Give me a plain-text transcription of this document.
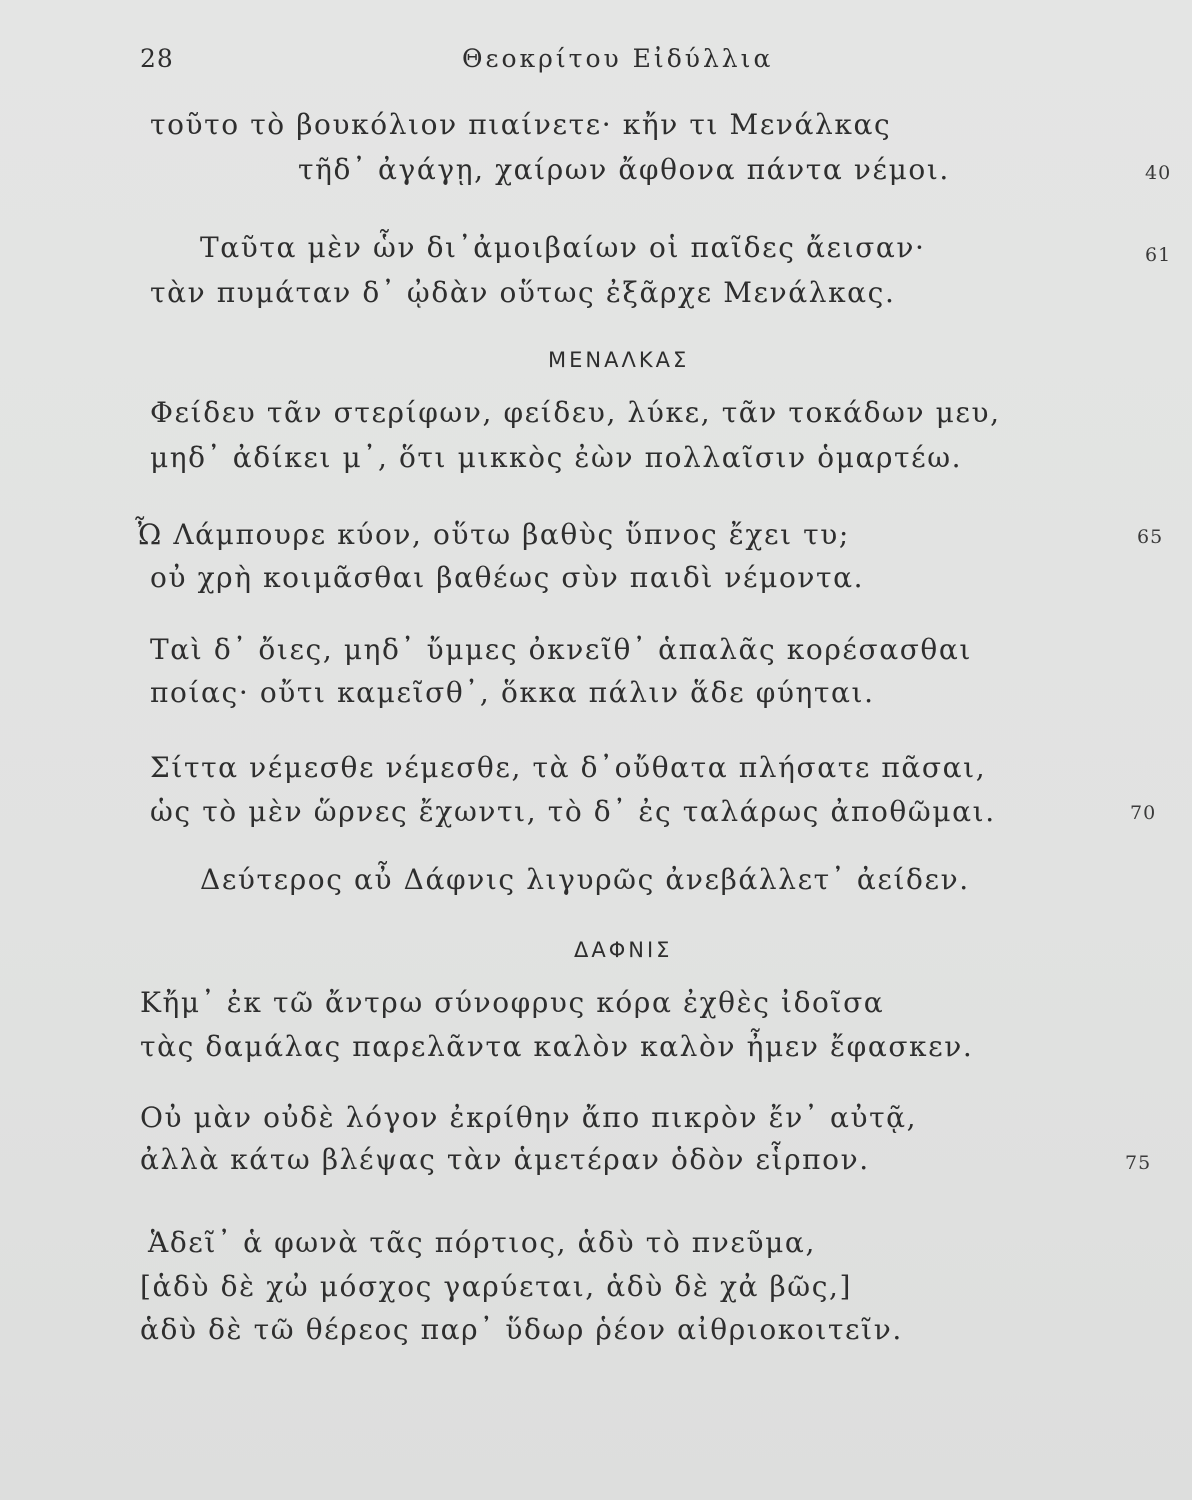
28	Θεοκρίτου Εἰδύλλια
τοῦτο τὸ βουκόλιον πιαίνετε· κἤν τι Μενάλκας
τῆδ᾽ ἀγάγῃ, χαίρων ἄφθονα πάντα νέμοι.	40
Ταῦτα μὲν ὧν δι᾽ἀμοιβαίων οἱ παῖδες ἄεισαν·	61
τὰν πυμάταν δ᾽ ᾠδὰν οὕτως ἐξᾶρχε Μενάλκας.
ΜΕΝΑΛΚΑΣ
Φείδευ τᾶν στερίφων, φείδευ, λύκε, τᾶν τοκάδων μευ,
μηδ᾽ ἀδίκει μ᾽, ὅτι μικκὸς ἐὼν πολλαῖσιν ὁμαρτέω.
Ὦ Λάμπουρε κύον, οὕτω βαθὺς ὕπνος ἔχει τυ;	65
οὐ χρὴ κοιμᾶσθαι βαθέως σὺν παιδὶ νέμοντα.
Ταὶ δ᾽ ὄιες, μηδ᾽ ὔμμες ὀκνεῖθ᾽ ἁπαλᾶς κορέσασθαι
ποίας· οὔτι καμεῖσθ᾽, ὅκκα πάλιν ἅδε φύηται.
Σίττα νέμεσθε νέμεσθε, τὰ δ᾽οὔθατα πλήσατε πᾶσαι,
ὡς τὸ μὲν ὥρνες ἔχωντι, τὸ δ᾽ ἐς ταλάρως ἀποθῶμαι.	70
Δεύτερος αὖ Δάφνις λιγυρῶς ἀνεβάλλετ᾽ ἀείδεν.
ΔΑΦΝΙΣ
Κἤμ᾽ ἐκ τῶ ἄντρω σύνοφρυς κόρα ἐχθὲς ἰδοῖσα
τὰς δαμάλας παρελᾶντα καλὸν καλὸν ἦμεν ἔφασκεν.
Οὐ μὰν οὐδὲ λόγον ἐκρίθην ἄπο πικρὸν ἔν᾽ αὐτᾷ,
ἀλλὰ κάτω βλέψας τὰν ἁμετέραν ὁδὸν εἷρπον.	75
Ἁδεῖ᾽ ἁ φωνὰ τᾶς πόρτιος, ἁδὺ τὸ πνεῦμα,
[ἁδὺ δὲ χὠ μόσχος γαρύεται, ἁδὺ δὲ χἀ βῶς,]
ἁδὺ δὲ τῶ θέρεος παρ᾽ ὕδωρ ῥέον αἰθριοκοιτεῖν.
